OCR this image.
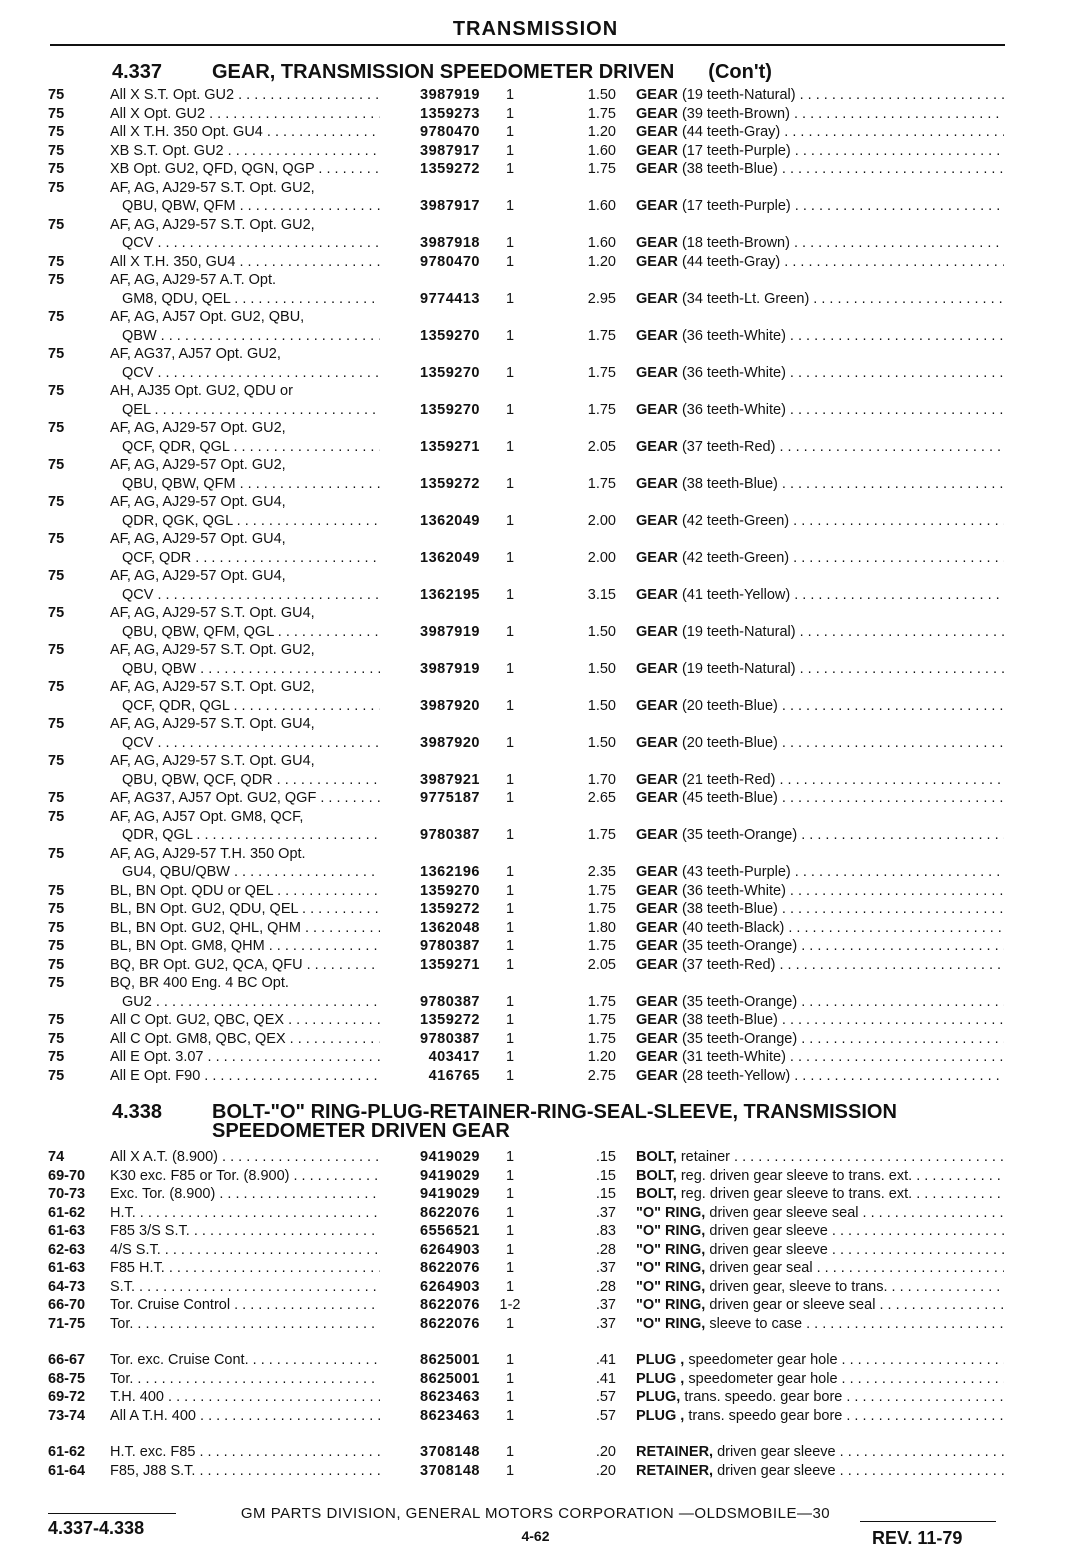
TRANSMISSION
4.337	GEAR, TRANSMISSION SPEEDOMETER DRIVEN (Con't)
75	All X S.T. Opt. GU2 . . .	3987919	1	1.50 GEAR (19 teeth-Natural) . . .
75	All X Opt. GU2 . . .	1359273	1	1.75 GEAR (39 teeth-Brown) . . .
75	All X T.H. 350 Opt. GU4 . . .	9780470	1	1.20 GEAR (44 teeth-Gray) . . .
75	XB S.T. Opt. GU2 . . .	3987917	1	1.60 GEAR (17 teeth-Purple) . . .
75	XB Opt. GU2, QFD, QGN, QGP . . .	1359272	1	1.75 GEAR (38 teeth-Blue) . . .
75	AF, AG, AJ29-57 S.T. Opt. GU2,
QBU, QBW, QFM . . .	3987917	1	1.60 GEAR (17 teeth-Purple) . . .
75	AF, AG, AJ29-57 S.T. Opt. GU2,
QCV . . .	3987918	1	1.60 GEAR (18 teeth-Brown) . . .
75	All X T.H. 350, GU4 . . .	9780470	1	1.20 GEAR (44 teeth-Gray) . . .
75	AF, AG, AJ29-57 A.T. Opt.
GM8, QDU, QEL . . .	9774413	1	2.95 GEAR (34 teeth-Lt. Green) . . .
75	AF, AG, AJ57 Opt. GU2, QBU,
QBW . . .	1359270	1	1.75 GEAR (36 teeth-White) . . .
75	AF, AG37, AJ57 Opt. GU2,
QCV . . .	1359270	1	1.75 GEAR (36 teeth-White) . . .
75	AH, AJ35 Opt. GU2, QDU or
QEL . . .	1359270	1	1.75 GEAR (36 teeth-White) . . .
75	AF, AG, AJ29-57 Opt. GU2,
QCF, QDR, QGL . . .	1359271	1	2.05 GEAR (37 teeth-Red) . . .
75	AF, AG, AJ29-57 Opt. GU2,
QBU, QBW, QFM . . .	1359272	1	1.75 GEAR (38 teeth-Blue) . . .
75	AF, AG, AJ29-57 Opt. GU4,
QDR, QGK, QGL . . .	1362049	1	2.00 GEAR (42 teeth-Green) . . .
75	AF, AG, AJ29-57 Opt. GU4,
QCF, QDR . . .	1362049	1	2.00 GEAR (42 teeth-Green) . . .
75	AF, AG, AJ29-57 Opt. GU4,
QCV . . .	1362195	1	3.15 GEAR (41 teeth-Yellow) . . .
75	AF, AG, AJ29-57 S.T. Opt. GU4,
QBU, QBW, QFM, QGL . . .	3987919	1	1.50 GEAR (19 teeth-Natural) . . .
75	AF, AG, AJ29-57 S.T. Opt. GU2,
QBU, QBW . . .	3987919	1	1.50 GEAR (19 teeth-Natural) . . .
75	AF, AG, AJ29-57 S.T. Opt. GU2,
QCF, QDR, QGL . . .	3987920	1	1.50 GEAR (20 teeth-Blue) . . .
75	AF, AG, AJ29-57 S.T. Opt. GU4,
QCV . . .	3987920	1	1.50 GEAR (20 teeth-Blue) . . .
75	AF, AG, AJ29-57 S.T. Opt. GU4,
QBU, QBW, QCF, QDR . . .	3987921	1	1.70 GEAR (21 teeth-Red) . . .
75	AF, AG37, AJ57 Opt. GU2, QGF . . .	9775187	1	2.65 GEAR (45 teeth-Blue) . . .
75	AF, AG, AJ57 Opt. GM8, QCF,
QDR, QGL . . .	9780387	1	1.75 GEAR (35 teeth-Orange) . . .
75	AF, AG, AJ29-57 T.H. 350 Opt.
GU4, QBU/QBW . . .	1362196	1	2.35 GEAR (43 teeth-Purple) . . .
75	BL, BN Opt. QDU or QEL . . .	1359270	1	1.75 GEAR (36 teeth-White) . . .
75	BL, BN Opt. GU2, QDU, QEL . . .	1359272	1	1.75 GEAR (38 teeth-Blue) . . .
75	BL, BN Opt. GU2, QHL, QHM . . .	1362048	1	1.80 GEAR (40 teeth-Black) . . .
75	BL, BN Opt. GM8, QHM . . .	9780387	1	1.75 GEAR (35 teeth-Orange) . . .
75	BQ, BR Opt. GU2, QCA, QFU . . .	1359271	1	2.05 GEAR (37 teeth-Red) . . .
75	BQ, BR 400 Eng. 4 BC Opt.
GU2 . . .	9780387	1	1.75 GEAR (35 teeth-Orange) . . .
75	All C Opt. GU2, QBC, QEX . . .	1359272	1	1.75 GEAR (38 teeth-Blue) . . .
75	All C Opt. GM8, QBC, QEX . . .	9780387	1	1.75 GEAR (35 teeth-Orange) . . .
75	All E Opt. 3.07 . . .	403417	1	1.20 GEAR (31 teeth-White) . . .
75	All E Opt. F90 . . .	416765	1	2.75 GEAR (28 teeth-Yellow) . . .
4.338	BOLT-"O" RING-PLUG-RETAINER-RING-SEAL-SLEEVE, TRANSMISSION
SPEEDOMETER DRIVEN GEAR
74	All X A.T. (8.900) . . .	9419029	1	.15 BOLT, retainer . . .
69-70	K30 exc. F85 or Tor. (8.900) . . .	9419029	1	.15 BOLT, reg. driven gear sleeve to trans. ext. . . .
70-73	Exc. Tor. (8.900) . . .	9419029	1	.15 BOLT, reg. driven gear sleeve to trans. ext. . . .
61-62	H.T. . . .	8622076	1	.37 "O" RING, driven gear sleeve seal . . .
61-63	F85 3/S S.T. . . .	6556521	1	.83 "O" RING, driven gear sleeve . . .
62-63	4/S S.T. . . .	6264903	1	.28 "O" RING, driven gear sleeve . . .
61-63	F85 H.T. . . .	8622076	1	.37 "O" RING, driven gear seal . . .
64-73	S.T. . . .	6264903	1	.28 "O" RING, driven gear, sleeve to trans. . . .
66-70	Tor. Cruise Control . . .	8622076	1-2	.37 "O" RING, driven gear or sleeve seal . . .
71-75	Tor. . . .	8622076	1	.37 "O" RING, sleeve to case . . .
66-67	Tor. exc. Cruise Cont. . . .	8625001	1	.41 PLUG , speedometer gear hole . . .
68-75	Tor. . . .	8625001	1	.41 PLUG , speedometer gear hole . . .
69-72	T.H. 400 . . .	8623463	1	.57 PLUG, trans. speedo. gear bore . . .
73-74	All A T.H. 400 . . .	8623463	1	.57 PLUG , trans. speedo gear bore . . .
61-62	H.T. exc. F85 . . .	3708148	1	.20 RETAINER, driven gear sleeve . . .
61-64	F85, J88 S.T. . . .	3708148	1	.20 RETAINER, driven gear sleeve . . .
GM PARTS DIVISION, GENERAL MOTORS CORPORATION —OLDSMOBILE—30
4.337-4.338	4-62	REV. 11-79
